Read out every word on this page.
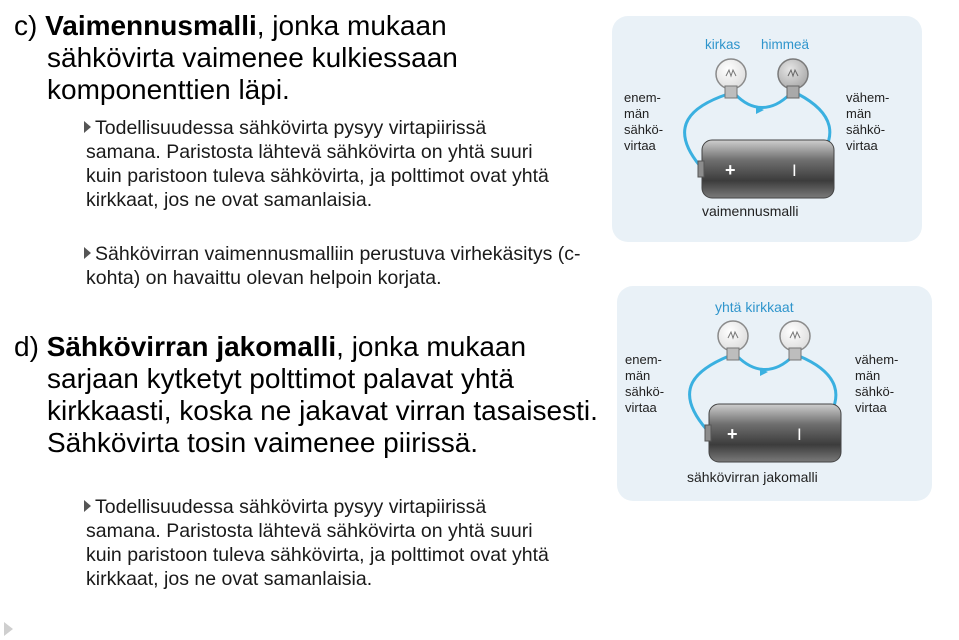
c) Vaimennusmalli, jonka mukaan sähkövirta vaimenee kulkiessaan komponenttien läpi.
Todellisuudessa sähkövirta pysyy virtapiirissä samana. Paristosta lähtevä sähkövirta on yhtä suuri kuin paristoon tuleva sähkövirta, ja polttimot ovat yhtä kirkkaat, jos ne ovat samanlaisia.
Sähkövirran vaimennusmalliin perustuva virhekäsitys (c-kohta) on havaittu olevan helpoin korjata.
d) Sähkövirran jakomalli, jonka mukaan sarjaan kytketyt polttimot palavat yhtä kirkkaasti, koska ne jakavat virran tasaisesti. Sähkövirta tosin vaimenee piirissä.
Todellisuudessa sähkövirta pysyy virtapiirissä samana. Paristosta lähtevä sähkövirta on yhtä suuri kuin paristoon tuleva sähkövirta, ja polttimot ovat yhtä kirkkaat, jos ne ovat samanlaisia.
+	I
kirkas himmeä
enem- män sähkö- virtaa
vähem- män sähkö- virtaa
vaimennusmalli
+	I
yhtä kirkkaat
enem- män sähkö- virtaa
vähem- män sähkö- virtaa
sähkövirran jakomalli
